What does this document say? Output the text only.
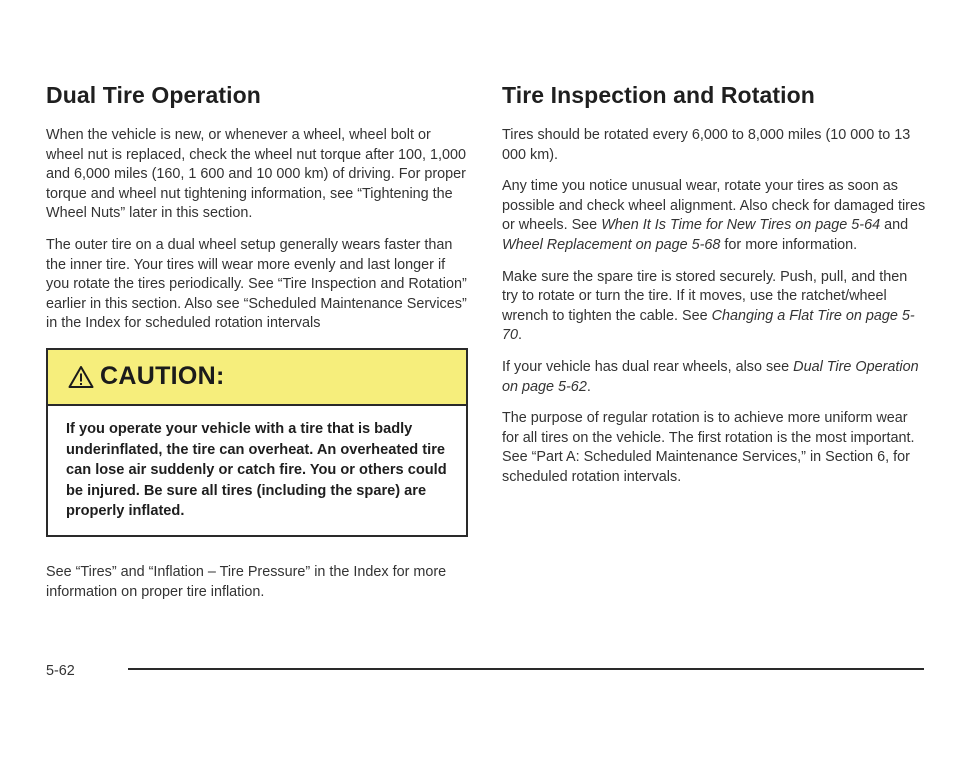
Dual Tire Operation

When the vehicle is new, or whenever a wheel, wheel bolt or wheel nut is replaced, check the wheel nut torque after 100, 1,000 and 6,000 miles (160, 1 600 and 10 000 km) of driving. For proper torque and wheel nut tightening information, see “Tightening the Wheel Nuts” later in this section.

The outer tire on a dual wheel setup generally wears faster than the inner tire. Your tires will wear more evenly and last longer if you rotate the tires periodically. See “Tire Inspection and Rotation” earlier in this section. Also see “Scheduled Maintenance Services” in the Index for scheduled rotation intervals

CAUTION:
If you operate your vehicle with a tire that is badly underinflated, the tire can overheat. An overheated tire can lose air suddenly or catch fire. You or others could be injured. Be sure all tires (including the spare) are properly inflated.

See “Tires” and “Inflation – Tire Pressure” in the Index for more information on proper tire inflation.

Tire Inspection and Rotation

Tires should be rotated every 6,000 to 8,000 miles (10 000 to 13 000 km).

Any time you notice unusual wear, rotate your tires as soon as possible and check wheel alignment. Also check for damaged tires or wheels. See When It Is Time for New Tires on page 5-64 and Wheel Replacement on page 5-68 for more information.

Make sure the spare tire is stored securely. Push, pull, and then try to rotate or turn the tire. If it moves, use the ratchet/wheel wrench to tighten the cable. See Changing a Flat Tire on page 5-70.

If your vehicle has dual rear wheels, also see Dual Tire Operation on page 5-62.

The purpose of regular rotation is to achieve more uniform wear for all tires on the vehicle. The first rotation is the most important. See “Part A: Scheduled Maintenance Services,” in Section 6, for scheduled rotation intervals.

5-62
